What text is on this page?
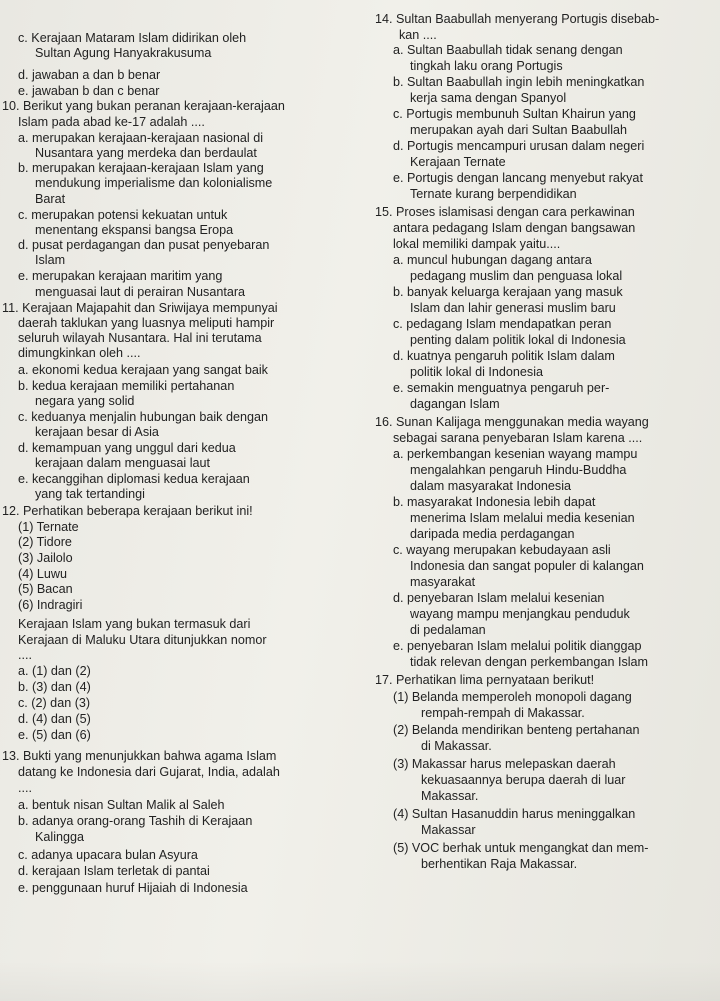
c. Kerajaan Mataram Islam didirikan oleh
Sultan Agung Hanyakrakusuma
d. jawaban a dan b benar
e. jawaban b dan c benar
10. Berikut yang bukan peranan kerajaan-kerajaan
Islam pada abad ke-17 adalah ....
a. merupakan kerajaan-kerajaan nasional di
Nusantara yang merdeka dan berdaulat
b. merupakan kerajaan-kerajaan Islam yang
mendukung imperialisme dan kolonialisme
Barat
c. merupakan potensi kekuatan untuk
menentang ekspansi bangsa Eropa
d. pusat perdagangan dan pusat penyebaran
Islam
e. merupakan kerajaan maritim yang
menguasai laut di perairan Nusantara
11. Kerajaan Majapahit dan Sriwijaya mempunyai
daerah taklukan yang luasnya meliputi hampir
seluruh wilayah Nusantara. Hal ini terutama
dimungkinkan oleh ....
a. ekonomi kedua kerajaan yang sangat baik
b. kedua kerajaan memiliki pertahanan
negara yang solid
c. keduanya menjalin hubungan baik dengan
kerajaan besar di Asia
d. kemampuan yang unggul dari kedua
kerajaan dalam menguasai laut
e. kecanggihan diplomasi kedua kerajaan
yang tak tertandingi
12. Perhatikan beberapa kerajaan berikut ini!
(1) Ternate
(2) Tidore
(3) Jailolo
(4) Luwu
(5) Bacan
(6) Indragiri
Kerajaan Islam yang bukan termasuk dari
Kerajaan di Maluku Utara ditunjukkan nomor
....
a. (1) dan (2)
b. (3) dan (4)
c. (2) dan (3)
d. (4) dan (5)
e. (5) dan (6)
13. Bukti yang menunjukkan bahwa agama Islam
datang ke Indonesia dari Gujarat, India, adalah
....
a. bentuk nisan Sultan Malik al Saleh
b. adanya orang-orang Tashih di Kerajaan
Kalingga
c. adanya upacara bulan Asyura
d. kerajaan Islam terletak di pantai
e. penggunaan huruf Hijaiah di Indonesia
14. Sultan Baabullah menyerang Portugis disebab-
kan ....
a. Sultan Baabullah tidak senang dengan
tingkah laku orang Portugis
b. Sultan Baabullah ingin lebih meningkatkan
kerja sama dengan Spanyol
c. Portugis membunuh Sultan Khairun yang
merupakan ayah dari Sultan Baabullah
d. Portugis mencampuri urusan dalam negeri
Kerajaan Ternate
e. Portugis dengan lancang menyebut rakyat
Ternate kurang berpendidikan
15. Proses islamisasi dengan cara perkawinan
antara pedagang Islam dengan bangsawan
lokal memiliki dampak yaitu....
a. muncul hubungan dagang antara
pedagang muslim dan penguasa lokal
b. banyak keluarga kerajaan yang masuk
Islam dan lahir generasi muslim baru
c. pedagang Islam mendapatkan peran
penting dalam politik lokal di Indonesia
d. kuatnya pengaruh politik Islam dalam
politik lokal di Indonesia
e. semakin menguatnya pengaruh per-
dagangan Islam
16. Sunan Kalijaga menggunakan media wayang
sebagai sarana penyebaran Islam karena ....
a. perkembangan kesenian wayang mampu
mengalahkan pengaruh Hindu-Buddha
dalam masyarakat Indonesia
b. masyarakat Indonesia lebih dapat
menerima Islam melalui media kesenian
daripada media perdagangan
c. wayang merupakan kebudayaan asli
Indonesia dan sangat populer di kalangan
masyarakat
d. penyebaran Islam melalui kesenian
wayang mampu menjangkau penduduk
di pedalaman
e. penyebaran Islam melalui politik dianggap
tidak relevan dengan perkembangan Islam
17. Perhatikan lima pernyataan berikut!
(1) Belanda memperoleh monopoli dagang
rempah-rempah di Makassar.
(2) Belanda mendirikan benteng pertahanan
di Makassar.
(3) Makassar harus melepaskan daerah
kekuasaannya berupa daerah di luar
Makassar.
(4) Sultan Hasanuddin harus meninggalkan
Makassar
(5) VOC berhak untuk mengangkat dan mem-
berhentikan Raja Makassar.
